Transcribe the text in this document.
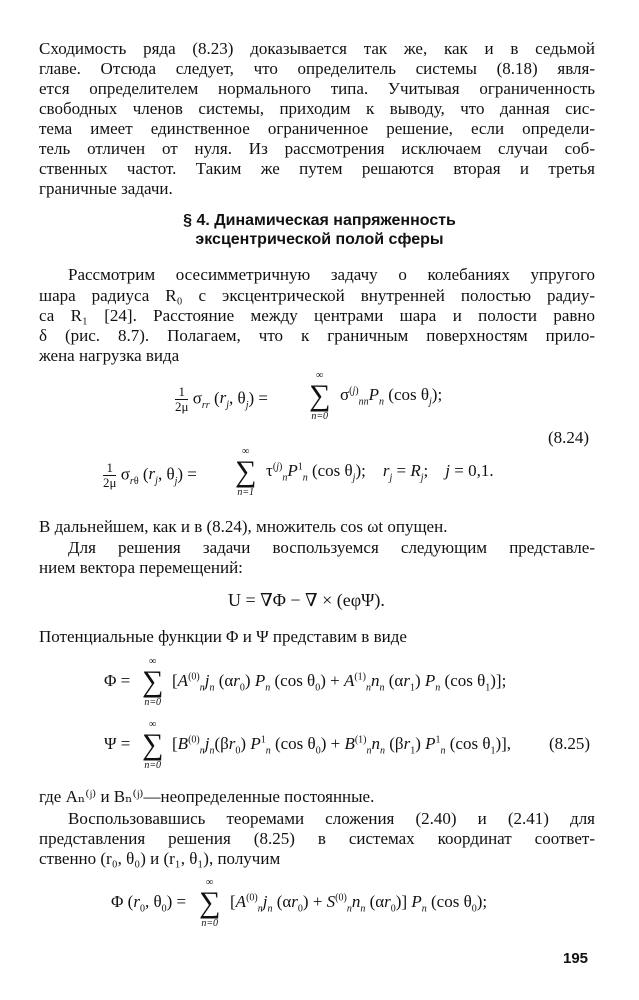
Сходимость ряда (8.23) доказывается так же, как и в седьмой
главе. Отсюда следует, что определитель системы (8.18) явля-
ется определителем нормального типа. Учитывая ограниченность
свободных членов системы, приходим к выводу, что данная сис-
тема имеет единственное ограниченное решение, если определи-
тель отличен от нуля. Из рассмотрения исключаем случаи соб-
ственных частот. Таким же путем решаются вторая и третья
граничные задачи.
§ 4. Динамическая напряженность
эксцентрической полой сферы
Рассмотрим осесимметричную задачу о колебаниях упругого
шара радиуса R₀ с эксцентрической внутренней полостью радиу-
са R₁ [24]. Расстояние между центрами шара и полости равно
δ (рис. 8.7). Полагаем, что к граничным поверхностям прило-
жена нагрузка вида
$\frac{1}{2\mu} \sigma_{rr}$ ($r_j$, $\theta_j$) =
∞
∑
n=0
$\sigma^{(j)}_{nn}P_n$ (cos $\theta_j$);
(8.24)
$\frac{1}{2\mu} \sigma_{r\theta}$ ($r_j$, $\theta_j$) =
∞
∑
n=1
$\tau^{(j)}_nP^1_n$ (cos $\theta_j$);    $r_j = R_j$;    j = 0,1.
В дальнейшем, как и в (8.24), множитель cos ωt опущен.
Для решения задачи воспользуемся следующим представле-
нием вектора перемещений:
U = ∇Φ − ∇ × (eφΨ).
Потенциальные функции Φ и Ψ представим в виде
Φ =
∞
∑
n=0
[$A^{(0)}_nj_n$ $(\alpha r_0)$ $P_n$ (cos $\theta_0) + A^{(1)}_nn_n$ $(\alpha r_1)$ $P_n$ (cos $\theta_1$)];
Ψ =
∞
∑
n=0
[$B^{(0)}_nj_n(\beta r_0)$ $P^1_n$ (cos $\theta_0) + B^{(1)}_nn_n$ $(\beta r_1)$ $P^1_n$ (cos $\theta_1$)], (8.25)
где Aₙ⁽ʲ⁾ и Bₙ⁽ʲ⁾—неопределенные постоянные.
Воспользовавшись теоремами сложения (2.40) и (2.41) для
представления решения (8.25) в системах координат соответ-
ственно (r₀, θ₀) и (r₁, θ₁), получим
Φ ($r_0$, $\theta_0$) =
∞
∑
n=0
[$A^{(0)}_nj_n$ $(\alpha r_0) + S^{(0)}_nn_n$ $(\alpha r_0)$] $P_n$ (cos $\theta_0$);
195
